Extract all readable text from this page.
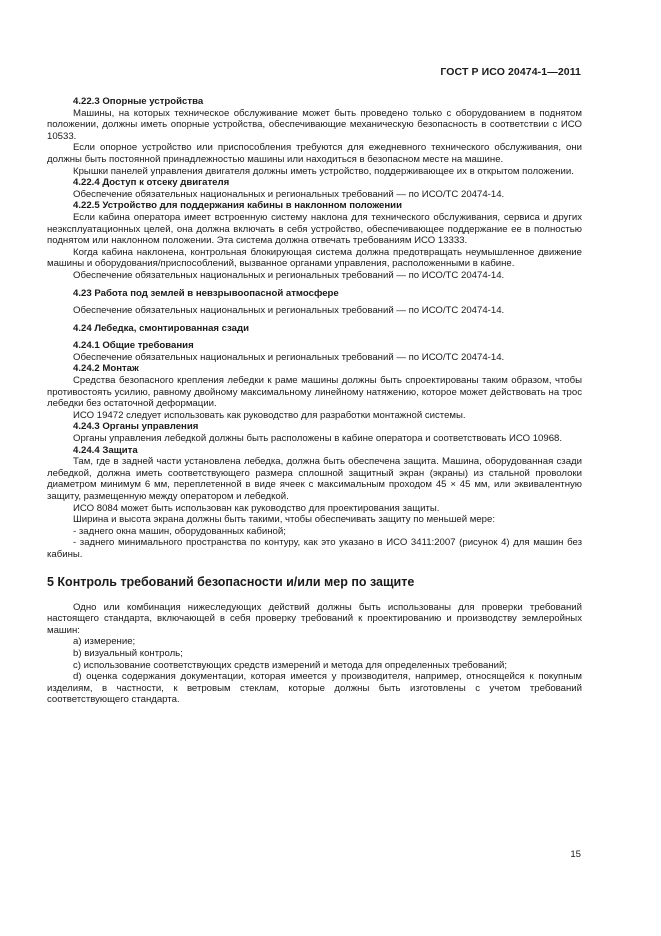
ГОСТ Р ИСО 20474-1—2011
4.22.3 Опорные устройства

Машины, на которых техническое обслуживание может быть проведено только с оборудованием в поднятом положении, должны иметь опорные устройства, обеспечивающие механическую безопасность в соответствии с ИСО 10533.

Если опорное устройство или приспособления требуются для ежедневного технического обслуживания, они должны быть постоянной принадлежностью машины или находиться в безопасном месте на машине.

Крышки панелей управления двигателя должны иметь устройство, поддерживающее их в открытом положении.

4.22.4 Доступ к отсеку двигателя

Обеспечение обязательных национальных и региональных требований — по ИСО/ТС 20474-14.

4.22.5 Устройство для поддержания кабины в наклонном положении

Если кабина оператора имеет встроенную систему наклона для технического обслуживания, сервиса и других неэксплуатационных целей, она должна включать в себя устройство, обеспечивающее поддержание ее в полностью поднятом или наклонном положении. Эта система должна отвечать требованиям ИСО 13333.

Когда кабина наклонена, контрольная блокирующая система должна предотвращать неумышленное движение машины и оборудования/приспособлений, вызванное органами управления, расположенными в кабине.

Обеспечение обязательных национальных и региональных требований — по ИСО/ТС 20474-14.

4.23 Работа под землей в невзрывоопасной атмосфере

Обеспечение обязательных национальных и региональных требований — по ИСО/ТС 20474-14.

4.24 Лебедка, смонтированная сзади
4.24.1 Общие требования

Обеспечение обязательных национальных и региональных требований — по ИСО/ТС 20474-14.

4.24.2 Монтаж

Средства безопасного крепления лебедки к раме машины должны быть спроектированы таким образом, чтобы противостоять усилию, равному двойному максимальному линейному натяжению, которое может действовать на трос лебедки без остаточной деформации.

ИСО 19472 следует использовать как руководство для разработки монтажной системы.

4.24.3 Органы управления

Органы управления лебедкой должны быть расположены в кабине оператора и соответствовать ИСО 10968.

4.24.4 Защита

Там, где в задней части установлена лебедка, должна быть обеспечена защита. Машина, оборудованная сзади лебедкой, должна иметь соответствующего размера сплошной защитный экран (экраны) из стальной проволоки диаметром минимум 6 мм, переплетенной в виде ячеек с максимальным проходом 45 × 45 мм, или эквивалентную защиту, размещенную между оператором и лебедкой.

ИСО 8084 может быть использован как руководство для проектирования защиты.

Ширина и высота экрана должны быть такими, чтобы обеспечивать защиту по меньшей мере:

- заднего окна машин, оборудованных кабиной;

- заднего минимального пространства по контуру, как это указано в ИСО 3411:2007 (рисунок 4) для машин без кабины.

5 Контроль требований безопасности и/или мер по защите

Одно или комбинация нижеследующих действий должны быть использованы для проверки требований настоящего стандарта, включающей в себя проверку требований к проектированию и производству землеройных машин:

а) измерение;

b) визуальный контроль;

c) использование соответствующих средств измерений и метода для определенных требований;

d) оценка содержания документации, которая имеется у производителя, например, относящейся к покупным изделиям, в частности, к ветровым стеклам, которые должны быть изготовлены с учетом требований соответствующего стандарта.

15
